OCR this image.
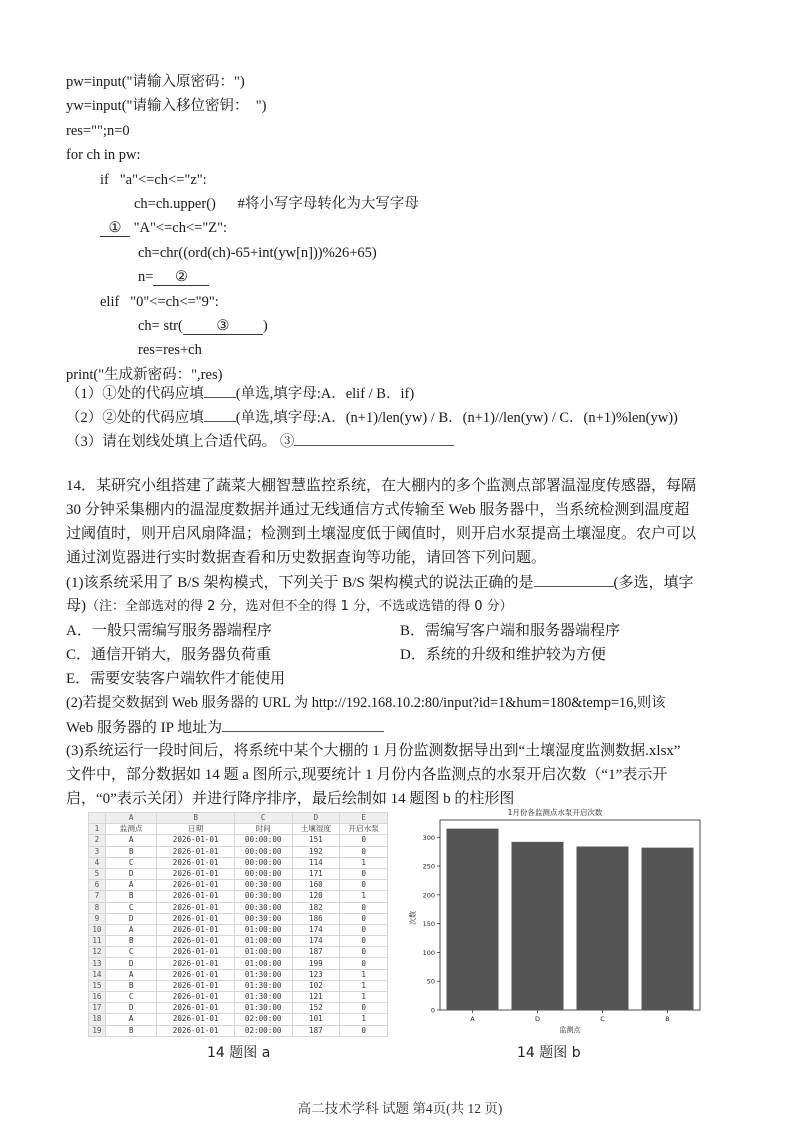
pw=input("请输入原密码：")
yw=input("请输入移位密钥：  ")
res="";n=0
for ch in pw:
if   "a"<=ch<="z":
ch=ch.upper() #将小写字母转化为大写字母
① "A"<=ch<="Z":
ch=chr((ord(ch)-65+int(yw[n]))%26+65)
n= ②
elif   "0"<=ch<="9":
ch= str( ③ )
res=res+ch
print("生成新密码：",res)
（1）①处的代码应填 (单选,填字母:A．elif / B．if)
（2）②处的代码应填 (单选,填字母:A．(n+1)/len(yw) / B．(n+1)//len(yw) / C．(n+1)%len(yw))
（3）请在划线处填上合适代码。 ③
14．某研究小组搭建了蔬菜大棚智慧监控系统，在大棚内的多个监测点部署温湿度传感器，每隔
30 分钟采集棚内的温湿度数据并通过无线通信方式传输至 Web 服务器中，当系统检测到温度超
过阈值时，则开启风扇降温；检测到土壤湿度低于阈值时，则开启水泵提高土壤湿度。农户可以
通过浏览器进行实时数据查看和历史数据查询等功能，请回答下列问题。
(1)该系统采用了 B/S 架构模式，下列关于 B/S 架构模式的说法正确的是	(多选，填字
母)（注：全部选对的得 2 分，选对但不全的得 1 分，不选或选错的得 0 分）
A．一般只需编写服务器端程序	B．需编写客户端和服务器端程序
C．通信开销大，服务器负荷重	D．系统的升级和维护较为方便
E．需要安装客户端软件才能使用
(2)若提交数据到 Web 服务器的 URL 为 http://192.168.10.2:80/input?id=1&hum=180&temp=16,则该
Web 服务器的 IP 地址为
(3)系统运行一段时间后，将系统中某个大棚的 1 月份监测数据导出到“土壤湿度监测数据.xlsx”
文件中，部分数据如 14 题 a 图所示,现要统计 1 月份内各监测点的水泵开启次数（“1”表示开
启，“0”表示关闭）并进行降序排序，最后绘制如 14 题图 b 的柱形图
	A	B	C	D	E
1	监测点	日期	时间	土壤湿度	开启水泵
2	A	2026-01-01	00:00:00	151	0
3	B	2026-01-01	00:00:00	192	0
4	C	2026-01-01	00:00:00	114	1
5	D	2026-01-01	00:00:00	171	0
6	A	2026-01-01	00:30:00	160	0
7	B	2026-01-01	00:30:00	120	1
8	C	2026-01-01	00:30:00	182	0
9	D	2026-01-01	00:30:00	186	0
10	A	2026-01-01	01:00:00	174	0
11	B	2026-01-01	01:00:00	174	0
12	C	2026-01-01	01:00:00	187	0
13	D	2026-01-01	01:00:00	199	0
14	A	2026-01-01	01:30:00	123	1
15	B	2026-01-01	01:30:00	102	1
16	C	2026-01-01	01:30:00	121	1
17	D	2026-01-01	01:30:00	152	0
18	A	2026-01-01	02:00:00	101	1
19	B	2026-01-01	02:00:00	187	0
1月份各监测点水泵开启次数
0
50
100
150
200
250
300
A	D	C	B
次数
监测点
14 题图 a	14 题图 b
高二技术学科 试题 第4页(共 12 页)
